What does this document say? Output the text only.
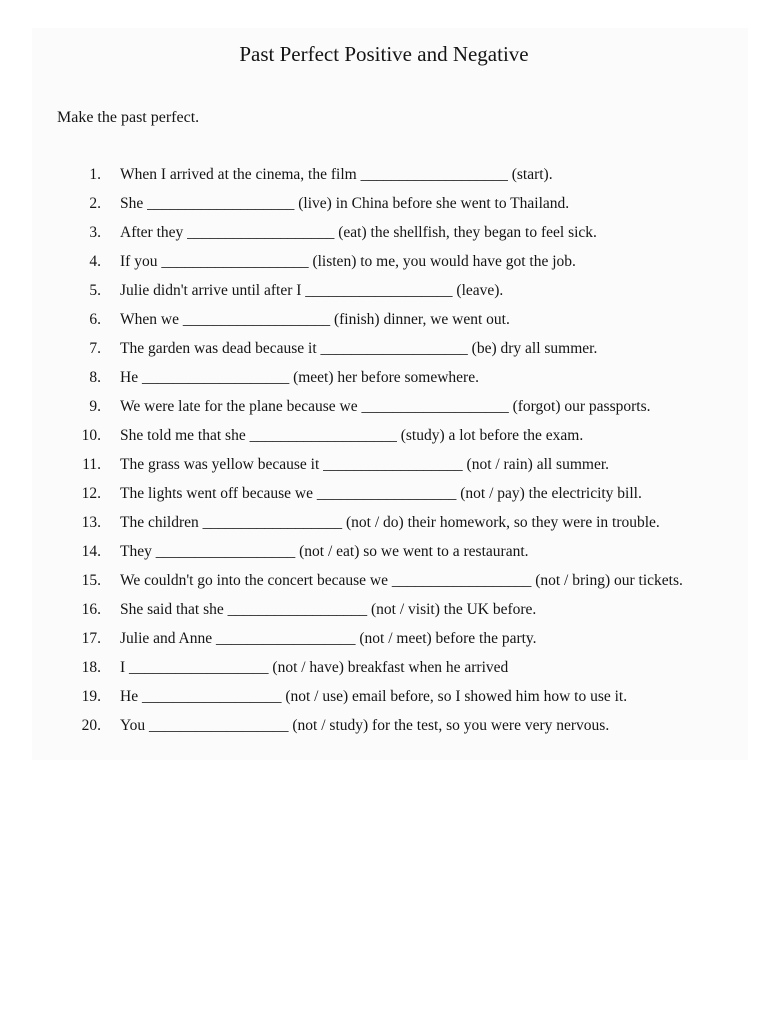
Past Perfect Positive and Negative
Make the past perfect.
1. When I arrived at the cinema, the film ___________________ (start).
2. She ___________________ (live) in China before she went to Thailand.
3. After they ___________________ (eat) the shellfish, they began to feel sick.
4. If you ___________________ (listen) to me, you would have got the job.
5. Julie didn't arrive until after I ___________________ (leave).
6. When we ___________________ (finish) dinner, we went out.
7. The garden was dead because it ___________________ (be) dry all summer.
8. He ___________________ (meet) her before somewhere.
9. We were late for the plane because we ___________________ (forgot) our passports.
10. She told me that she ___________________ (study) a lot before the exam.
11. The grass was yellow because it __________________ (not / rain) all summer.
12. The lights went off because we __________________ (not / pay) the electricity bill.
13. The children __________________ (not / do) their homework, so they were in trouble.
14. They __________________ (not / eat) so we went to a restaurant.
15. We couldn't go into the concert because we __________________ (not / bring) our tickets.
16. She said that she __________________ (not / visit) the UK before.
17. Julie and Anne __________________ (not / meet) before the party.
18. I __________________ (not / have) breakfast when he arrived
19. He __________________ (not / use) email before, so I showed him how to use it.
20. You __________________ (not / study) for the test, so you were very nervous.
